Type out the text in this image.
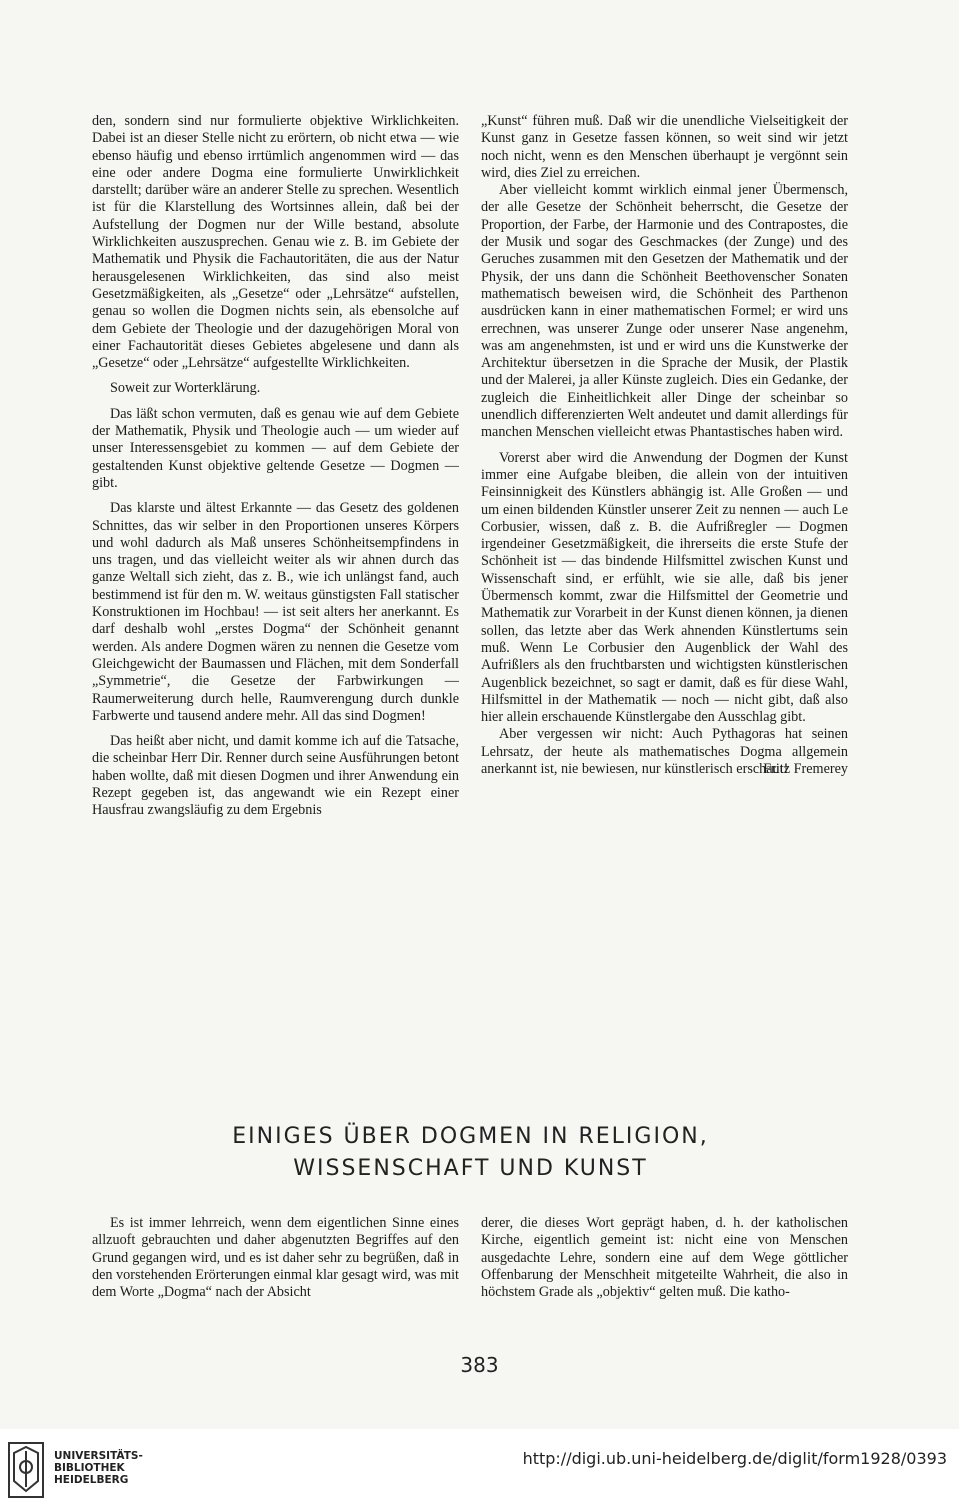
den, sondern sind nur formulierte objektive Wirklichkeiten. Dabei ist an dieser Stelle nicht zu erörtern, ob nicht etwa — wie ebenso häufig und ebenso irrtümlich angenommen wird — das eine oder andere Dogma eine formulierte Unwirklichkeit darstellt; darüber wäre an anderer Stelle zu sprechen. Wesentlich ist für die Klarstellung des Wortsinnes allein, daß bei der Aufstellung der Dogmen nur der Wille bestand, absolute Wirklichkeiten auszusprechen. Genau wie z. B. im Gebiete der Mathematik und Physik die Fachautoritäten, die aus der Natur herausgelesenen Wirklichkeiten, das sind also meist Gesetzmäßigkeiten, als „Gesetze“ oder „Lehrsätze“ aufstellen, genau so wollen die Dogmen nichts sein, als ebensolche auf dem Gebiete der Theologie und der dazugehörigen Moral von einer Fachautorität dieses Gebietes abgelesene und dann als „Gesetze“ oder „Lehrsätze“ aufgestellte Wirklichkeiten.

Soweit zur Worterklärung.

Das läßt schon vermuten, daß es genau wie auf dem Gebiete der Mathematik, Physik und Theologie auch — um wieder auf unser Interessensgebiet zu kommen — auf dem Gebiete der gestaltenden Kunst objektive geltende Gesetze — Dogmen — gibt.

Das klarste und ältest Erkannte — das Gesetz des goldenen Schnittes, das wir selber in den Proportionen unseres Körpers und wohl dadurch als Maß unseres Schönheitsempfindens in uns tragen, und das vielleicht weiter als wir ahnen durch das ganze Weltall sich zieht, das z. B., wie ich unlängst fand, auch bestimmend ist für den m. W. weitaus günstigsten Fall statischer Konstruktionen im Hochbau! — ist seit alters her anerkannt. Es darf deshalb wohl „erstes Dogma“ der Schönheit genannt werden. Als andere Dogmen wären zu nennen die Gesetze vom Gleichgewicht der Baumassen und Flächen, mit dem Sonderfall „Symmetrie“, die Gesetze der Farbwirkungen — Raumerweiterung durch helle, Raumverengung durch dunkle Farbwerte und tausend andere mehr. All das sind Dogmen!

Das heißt aber nicht, und damit komme ich auf die Tatsache, die scheinbar Herr Dir. Renner durch seine Ausführungen betont haben wollte, daß mit diesen Dogmen und ihrer Anwendung ein Rezept gegeben ist, das angewandt wie ein Rezept einer Hausfrau zwangsläufig zu dem Ergebnis

„Kunst“ führen muß. Daß wir die unendliche Vielseitigkeit der Kunst ganz in Gesetze fassen können, so weit sind wir jetzt noch nicht, wenn es den Menschen überhaupt je vergönnt sein wird, dies Ziel zu erreichen.

Aber vielleicht kommt wirklich einmal jener Übermensch, der alle Gesetze der Schönheit beherrscht, die Gesetze der Proportion, der Farbe, der Harmonie und des Contrapostes, die der Musik und sogar des Geschmackes (der Zunge) und des Geruches zusammen mit den Gesetzen der Mathematik und der Physik, der uns dann die Schönheit Beethovenscher Sonaten mathematisch beweisen wird, die Schönheit des Parthenon ausdrücken kann in einer mathematischen Formel; er wird uns errechnen, was unserer Zunge oder unserer Nase angenehm, was am angenehmsten, ist und er wird uns die Kunstwerke der Architektur übersetzen in die Sprache der Musik, der Plastik und der Malerei, ja aller Künste zugleich. Dies ein Gedanke, der zugleich die Einheitlichkeit aller Dinge der scheinbar so unendlich differenzierten Welt andeutet und damit allerdings für manchen Menschen vielleicht etwas Phantastisches haben wird.

Vorerst aber wird die Anwendung der Dogmen der Kunst immer eine Aufgabe bleiben, die allein von der intuitiven Feinsinnigkeit des Künstlers abhängig ist. Alle Großen — und um einen bildenden Künstler unserer Zeit zu nennen — auch Le Corbusier, wissen, daß z. B. die Aufrißregler — Dogmen irgendeiner Gesetzmäßigkeit, die ihrerseits die erste Stufe der Schönheit ist — das bindende Hilfsmittel zwischen Kunst und Wissenschaft sind, er erfühlt, wie sie alle, daß bis jener Übermensch kommt, zwar die Hilfsmittel der Geometrie und Mathematik zur Vorarbeit in der Kunst dienen können, ja dienen sollen, das letzte aber das Werk ahnenden Künstlertums sein muß. Wenn Le Corbusier den Augenblick der Wahl des Aufrißlers als den fruchtbarsten und wichtigsten künstlerischen Augenblick bezeichnet, so sagt er damit, daß es für diese Wahl, Hilfsmittel in der Mathematik — noch — nicht gibt, daß also hier allein erschauende Künstlergabe den Ausschlag gibt.

Aber vergessen wir nicht: Auch Pythagoras hat seinen Lehrsatz, der heute als mathematisches Dogma allgemein anerkannt ist, nie bewiesen, nur künstlerisch erschaut!

Fritz Fremerey
EINIGES ÜBER DOGMEN IN RELIGION,
WISSENSCHAFT UND KUNST

Es ist immer lehrreich, wenn dem eigentlichen Sinne eines allzuoft gebrauchten und daher abgenutzten Begriffes auf den Grund gegangen wird, und es ist daher sehr zu begrüßen, daß in den vorstehenden Erörterungen einmal klar gesagt wird, was mit dem Worte „Dogma“ nach der Absicht

derer, die dieses Wort geprägt haben, d. h. der katholischen Kirche, eigentlich gemeint ist: nicht eine von Menschen ausgedachte Lehre, sondern eine auf dem Wege göttlicher Offenbarung der Menschheit mitgeteilte Wahrheit, die also in höchstem Grade als „objektiv“ gelten muß. Die katho-

383
UNIVERSITÄTS-
BIBLIOTHEK
HEIDELBERG
http://digi.ub.uni-heidelberg.de/diglit/form1928/0393
